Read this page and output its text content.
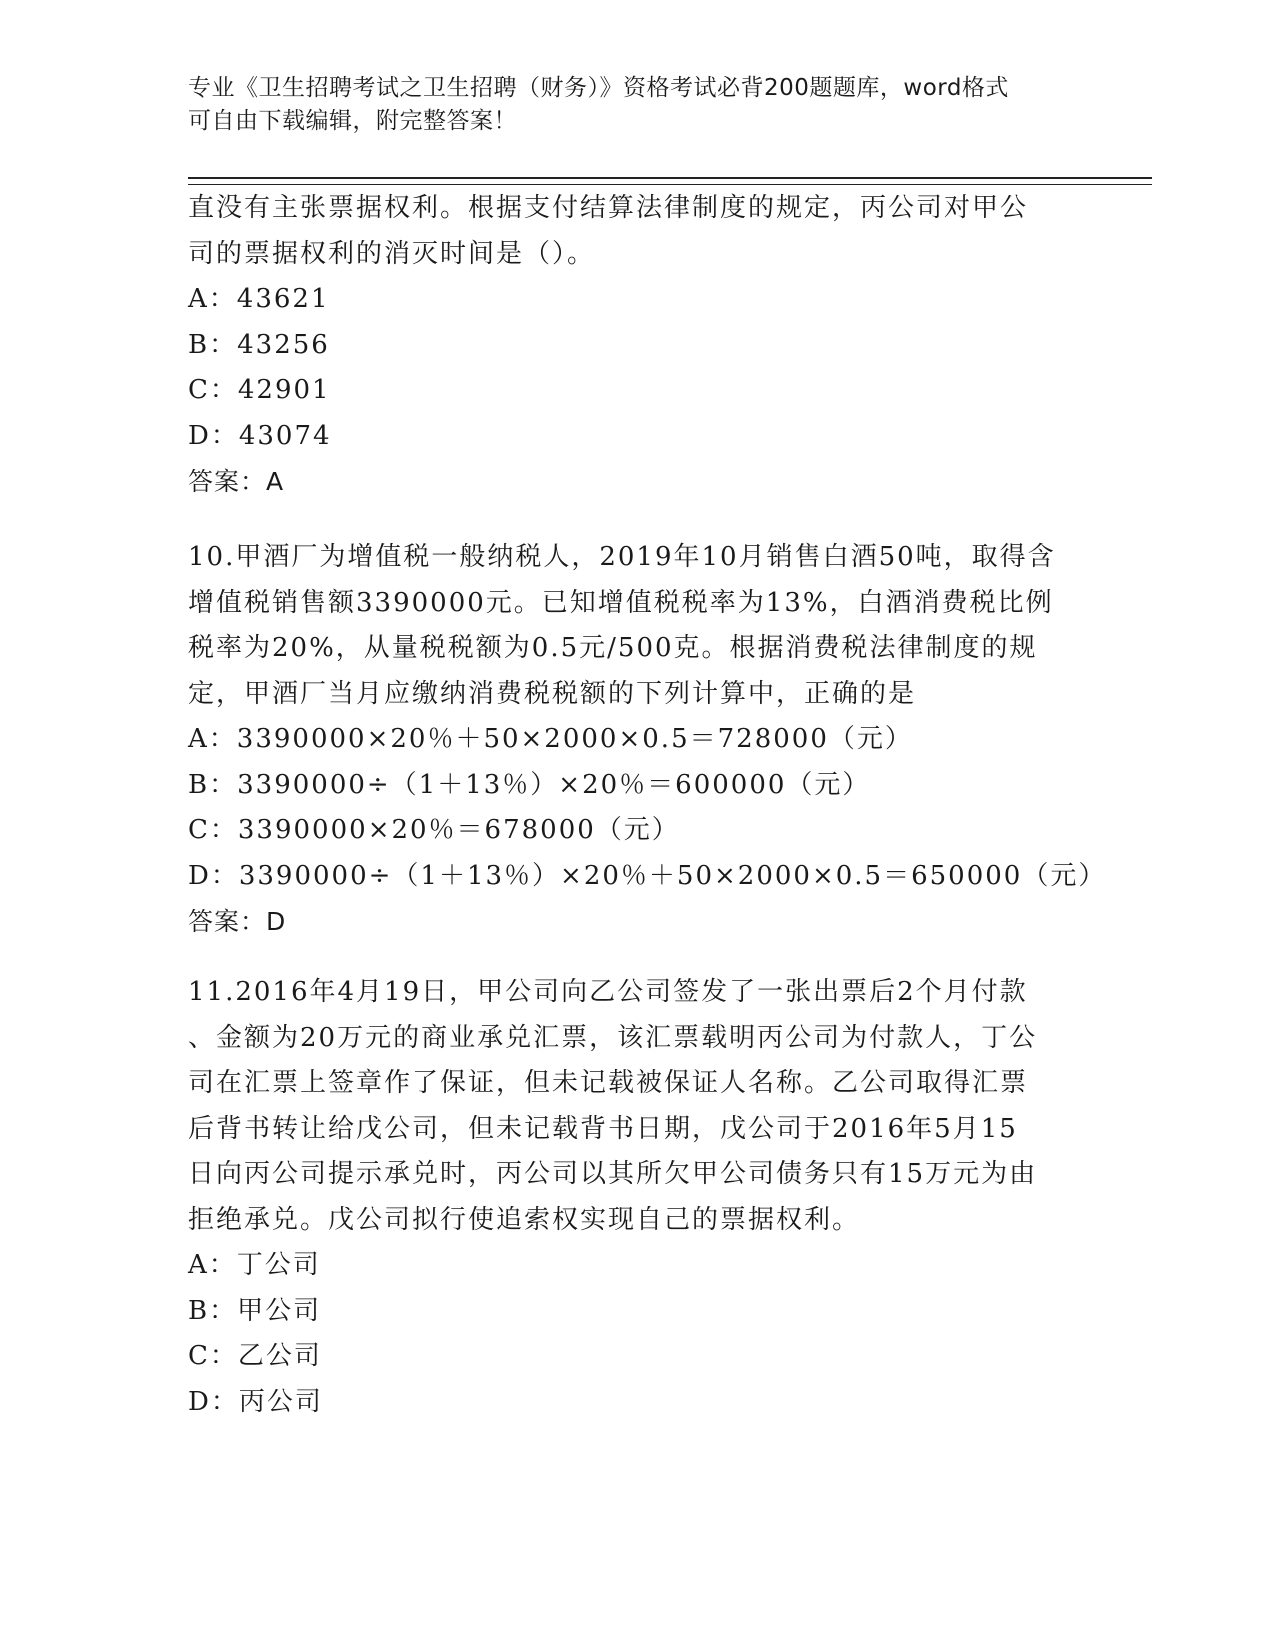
专业《卫生招聘考试之卫生招聘（财务）》资格考试必背200题题库，word格式
可自由下载编辑，附完整答案！

直没有主张票据权利。根据支付结算法律制度的规定，丙公司对甲公

司的票据权利的消灭时间是（）。

A：43621

B：43256

C：42901

D：43074

答案：A

10.甲酒厂为增值税一般纳税人，2019年10月销售白酒50吨，取得含

增值税销售额3390000元。已知增值税税率为13%，白酒消费税比例

税率为20%，从量税税额为0.5元/500克。根据消费税法律制度的规

定，甲酒厂当月应缴纳消费税税额的下列计算中，正确的是

A：3390000×20％＋50×2000×0.5＝728000（元）

B：3390000÷（1＋13％）×20％＝600000（元）

C：3390000×20％＝678000（元）

D：3390000÷（1＋13％）×20％＋50×2000×0.5＝650000（元）

答案：D

11.2016年4月19日，甲公司向乙公司签发了一张出票后2个月付款

、金额为20万元的商业承兑汇票，该汇票载明丙公司为付款人，丁公

司在汇票上签章作了保证，但未记载被保证人名称。乙公司取得汇票

后背书转让给戊公司，但未记载背书日期，戊公司于2016年5月15

日向丙公司提示承兑时，丙公司以其所欠甲公司债务只有15万元为由

拒绝承兑。戊公司拟行使追索权实现自己的票据权利。

A：丁公司

B：甲公司

C：乙公司

D：丙公司
